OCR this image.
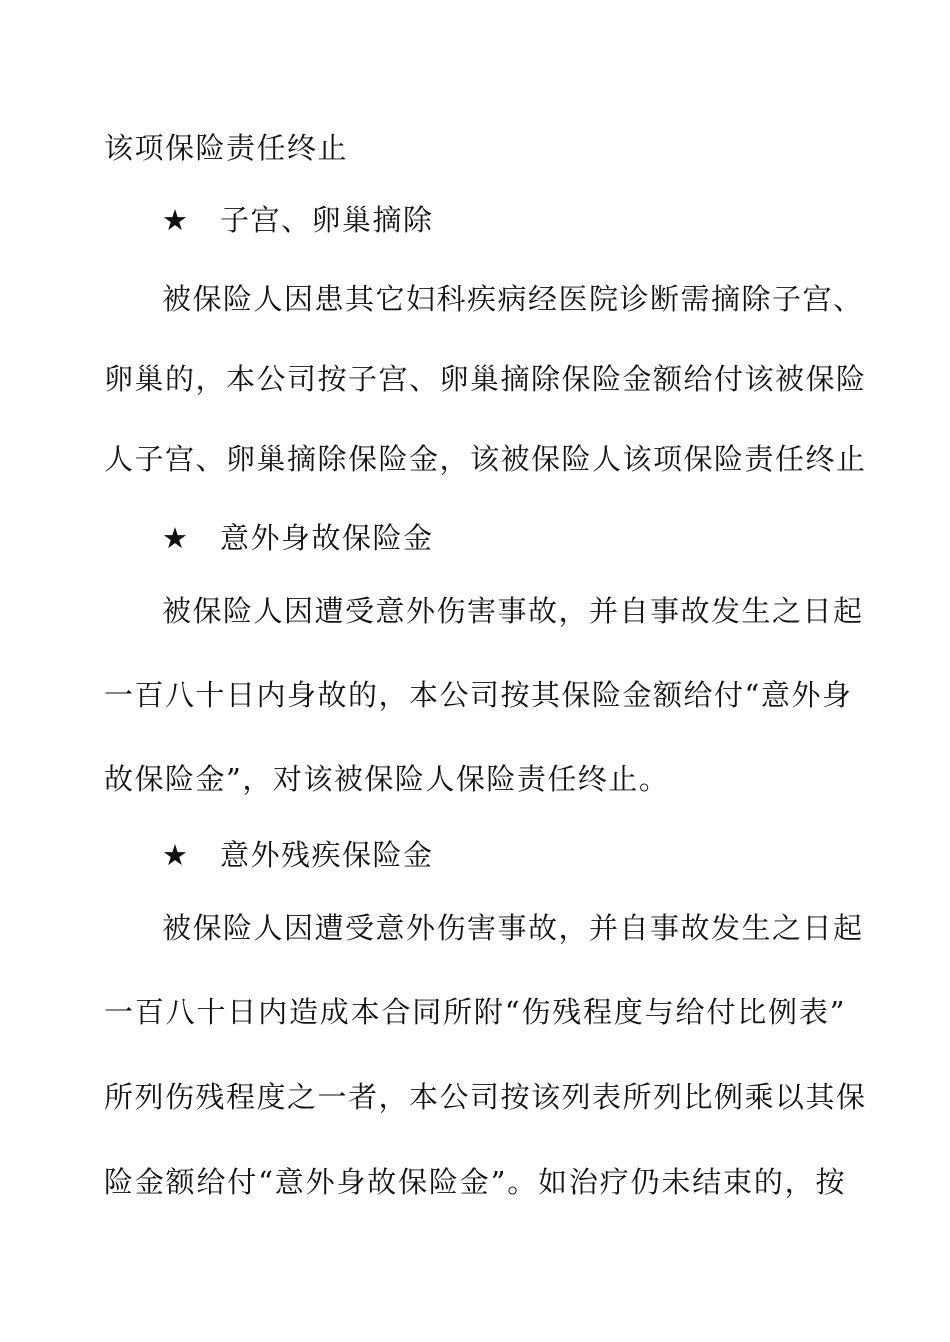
该项保险责任终止
★ 子宫、卵巢摘除
被保险人因患其它妇科疾病经医院诊断需摘除子宫、
卵巢的，本公司按子宫、卵巢摘除保险金额给付该被保险
人子宫、卵巢摘除保险金，该被保险人该项保险责任终止
★ 意外身故保险金
被保险人因遭受意外伤害事故，并自事故发生之日起
一百八十日内身故的，本公司按其保险金额给付“意外身
故保险金”，对该被保险人保险责任终止。
★ 意外残疾保险金
被保险人因遭受意外伤害事故，并自事故发生之日起
一百八十日内造成本合同所附“伤残程度与给付比例表”
所列伤残程度之一者，本公司按该列表所列比例乘以其保
险金额给付“意外身故保险金”。如治疗仍未结束的，按
